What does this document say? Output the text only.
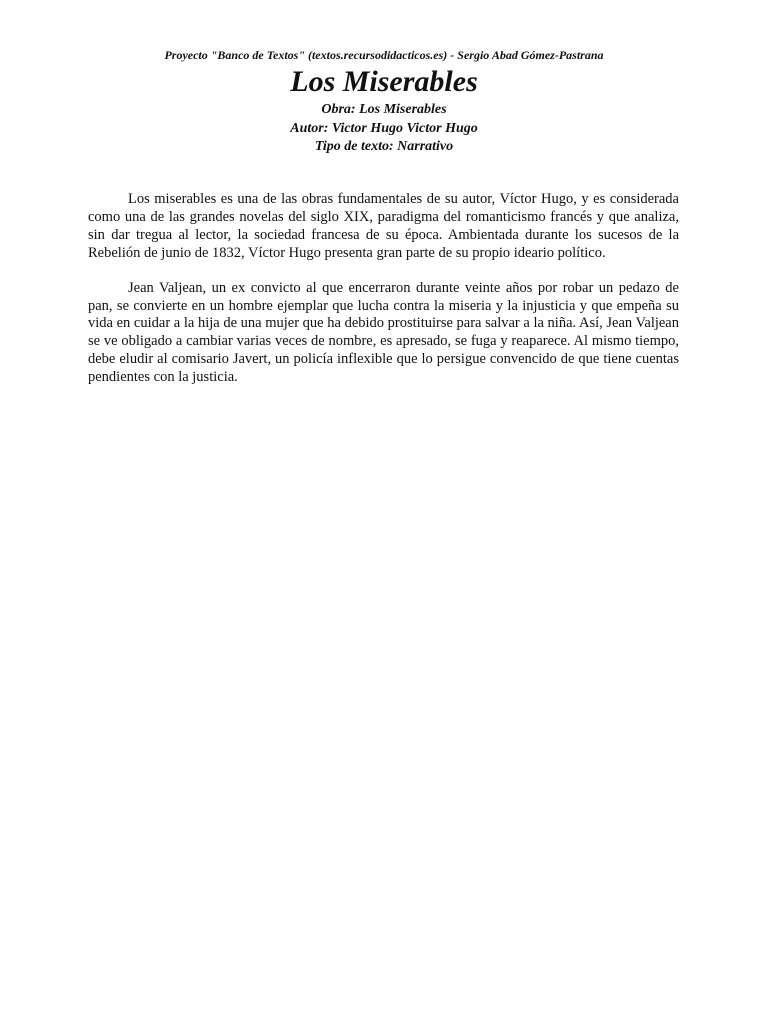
Proyecto "Banco de Textos" (textos.recursodidacticos.es) - Sergio Abad Gómez-Pastrana
Los Miserables
Obra: Los Miserables
Autor: Victor Hugo Victor Hugo
Tipo de texto: Narrativo

Los miserables es una de las obras fundamentales de su autor, Víctor Hugo, y es considerada como una de las grandes novelas del siglo XIX, paradigma del romanticismo francés y que analiza, sin dar tregua al lector, la sociedad francesa de su época. Ambientada durante los sucesos de la Rebelión de junio de 1832, Víctor Hugo presenta gran parte de su propio ideario político.

Jean Valjean, un ex convicto al que encerraron durante veinte años por robar un pedazo de pan, se convierte en un hombre ejemplar que lucha contra la miseria y la injusticia y que empeña su vida en cuidar a la hija de una mujer que ha debido prostituirse para salvar a la niña. Así, Jean Valjean se ve obligado a cambiar varias veces de nombre, es apresado, se fuga y reaparece. Al mismo tiempo, debe eludir al comisario Javert, un policía inflexible que lo persigue convencido de que tiene cuentas pendientes con la justicia.
